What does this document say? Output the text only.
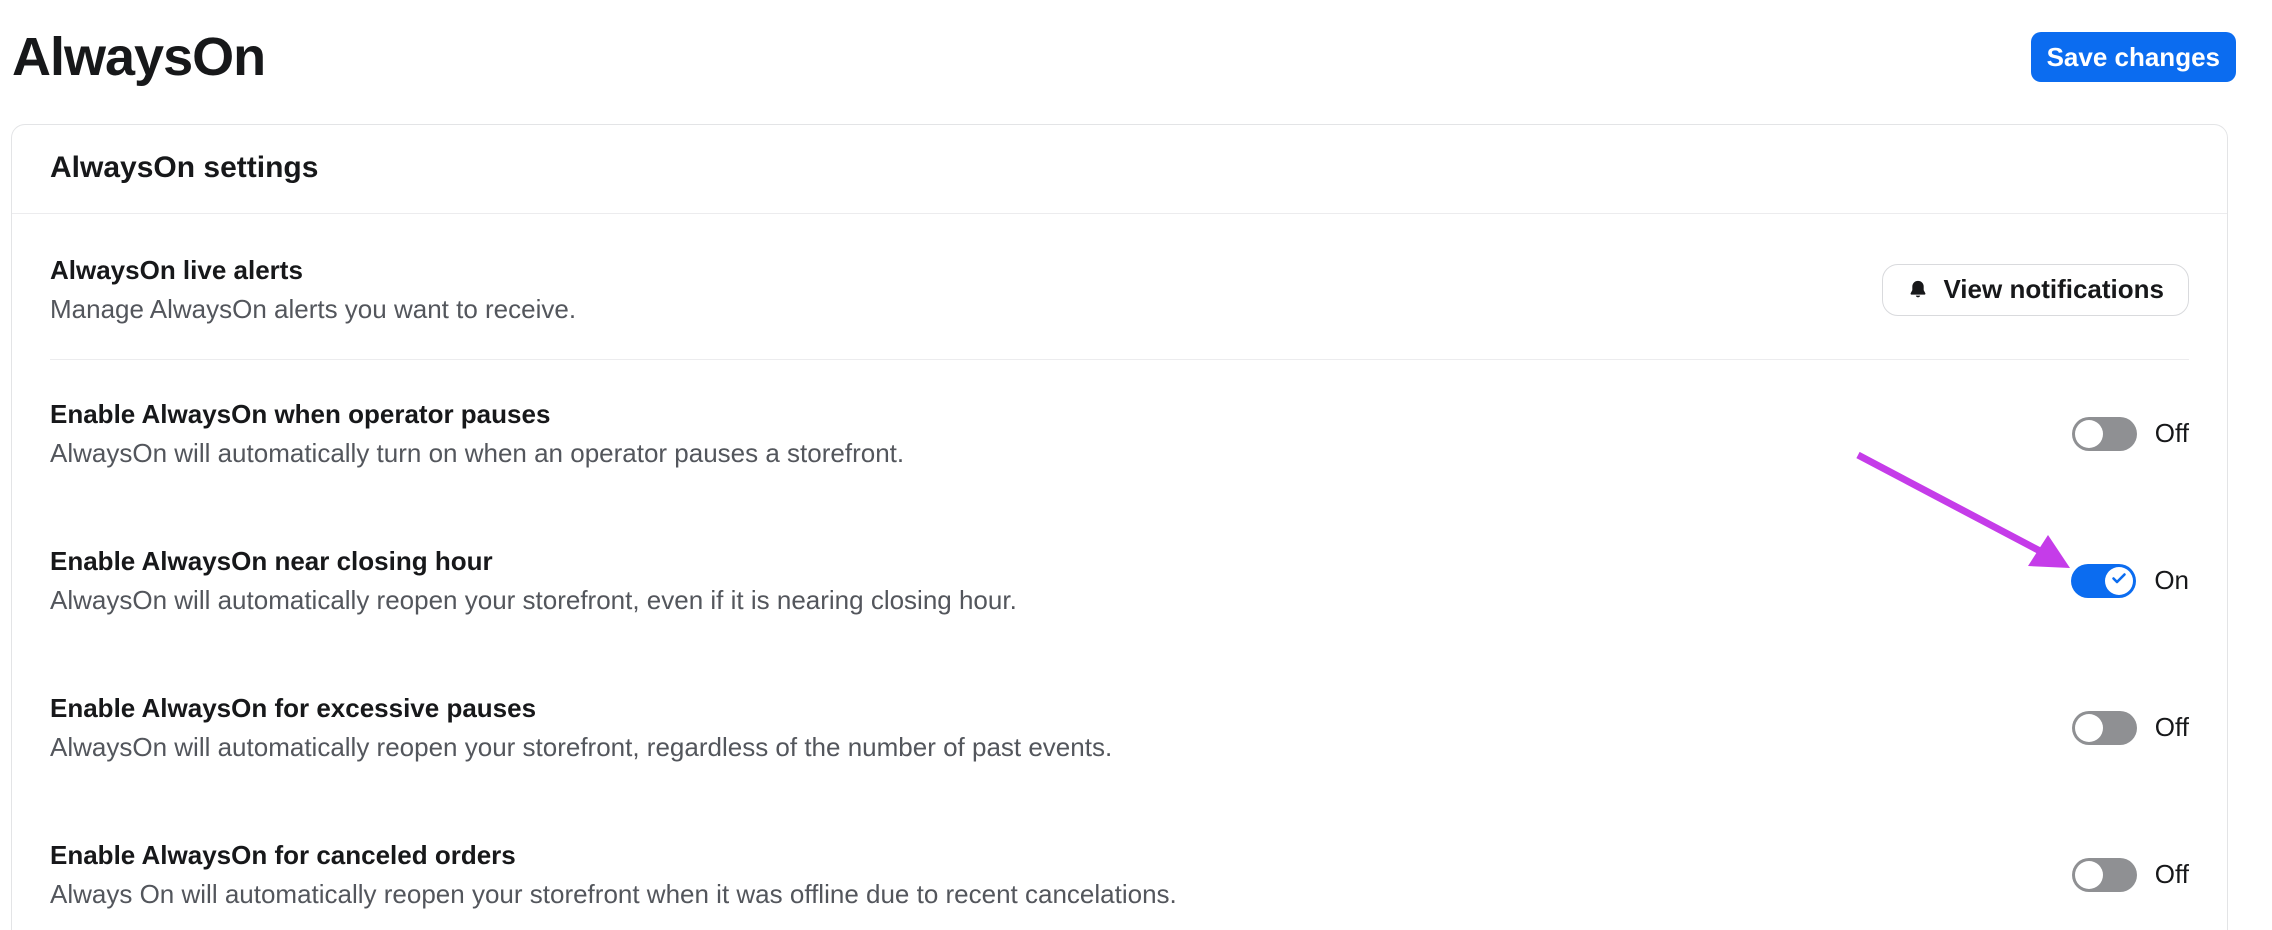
AlwaysOn	Save changes
AlwaysOn settings
AlwaysOn live alerts
Manage AlwaysOn alerts you want to receive.
View notifications
Enable AlwaysOn when operator pauses
AlwaysOn will automatically turn on when an operator pauses a storefront.
Off
Enable AlwaysOn near closing hour
AlwaysOn will automatically reopen your storefront, even if it is nearing closing hour.
On
Enable AlwaysOn for excessive pauses
AlwaysOn will automatically reopen your storefront, regardless of the number of past events.
Off
Enable AlwaysOn for canceled orders
Always On will automatically reopen your storefront when it was offline due to recent cancelations.
Off
